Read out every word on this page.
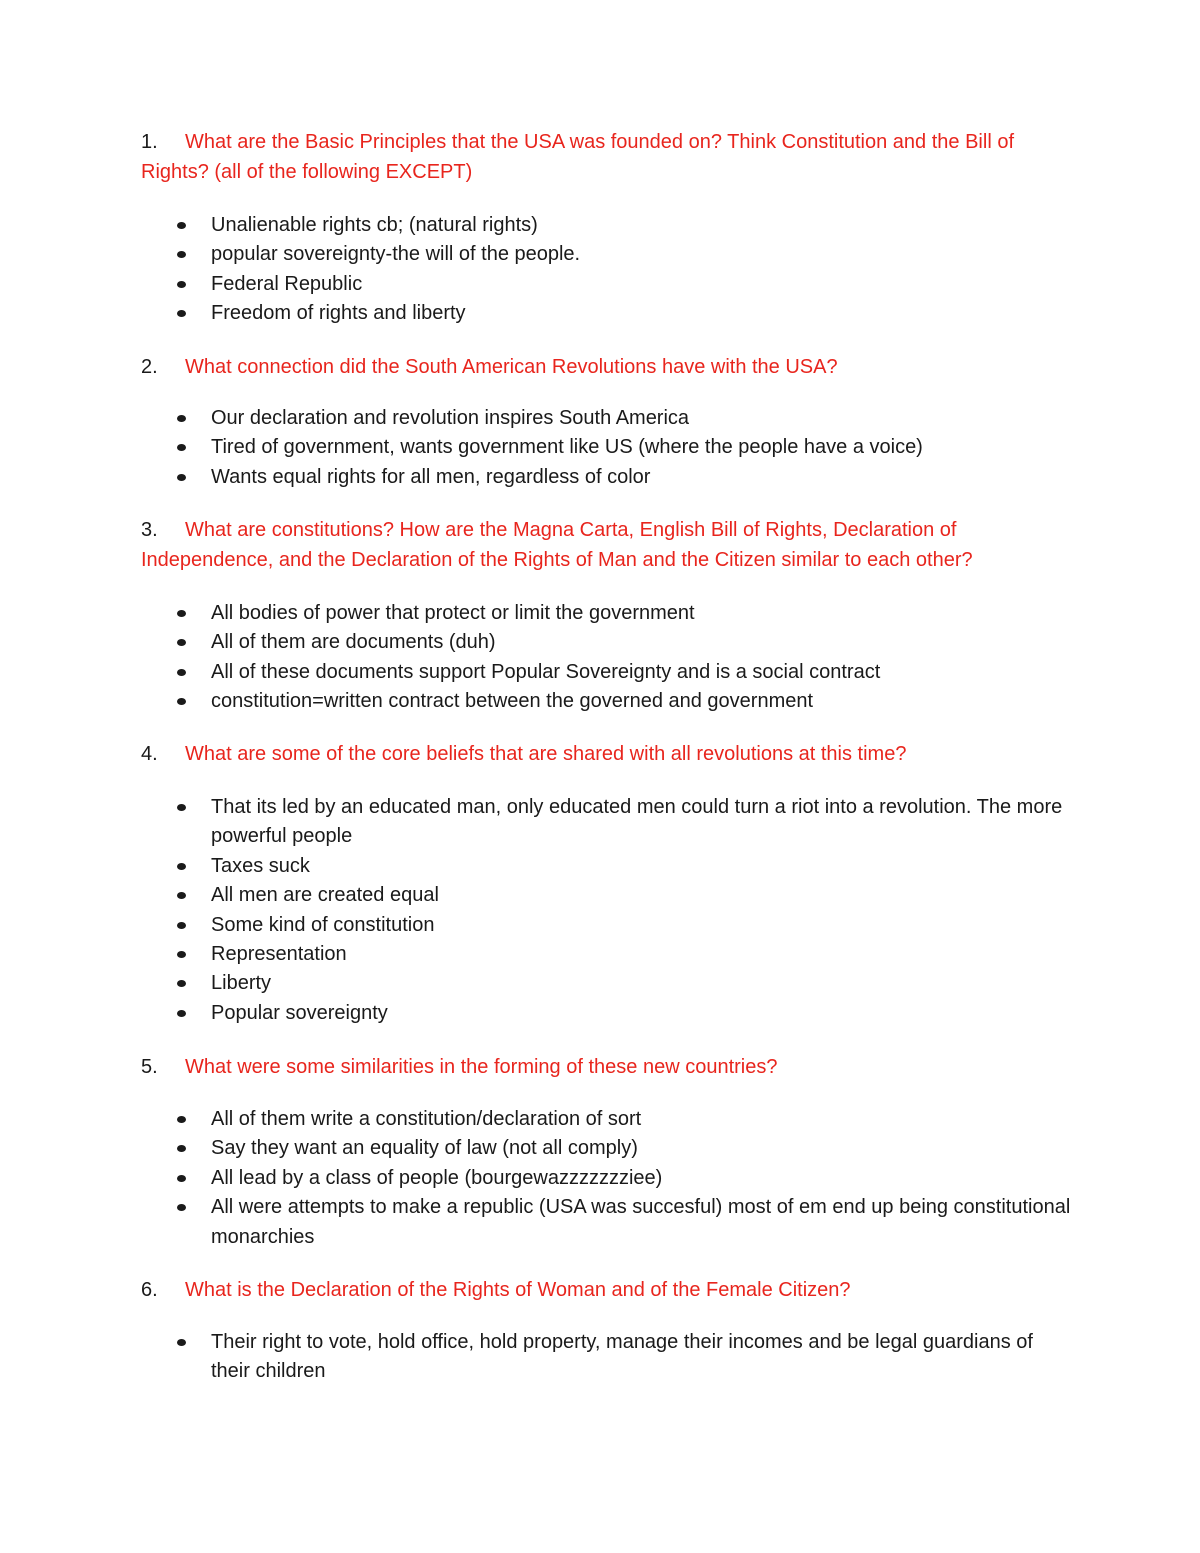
1. What are the Basic Principles that the USA was founded on? Think Constitution and the Bill of Rights? (all of the following EXCEPT)

Unalienable rights cb; (natural rights)
popular sovereignty-the will of the people.
Federal Republic
Freedom of rights and liberty

2. What connection did the South American Revolutions have with the USA?

Our declaration and revolution inspires South America
Tired of government, wants government like US (where the people have a voice)
Wants equal rights for all men, regardless of color

3. What are constitutions? How are the Magna Carta, English Bill of Rights, Declaration of Independence, and the Declaration of the Rights of Man and the Citizen similar to each other?

All bodies of power that protect or limit the government
All of them are documents (duh)
All of these documents support Popular Sovereignty and is a social contract
constitution=written contract between the governed and government

4. What are some of the core beliefs that are shared with all revolutions at this time?

That its led by an educated man, only educated men could turn a riot into a revolution. The more powerful people
Taxes suck
All men are created equal
Some kind of constitution
Representation
Liberty
Popular sovereignty

5. What were some similarities in the forming of these new countries?

All of them write a constitution/declaration of sort
Say they want an equality of law (not all comply)
All lead by a class of people (bourgewazzzzzzziee)
All were attempts to make a republic (USA was succesful) most of em end up being constitutional monarchies

6. What is the Declaration of the Rights of Woman and of the Female Citizen?

Their right to vote, hold office, hold property, manage their incomes and be legal guardians of their children
